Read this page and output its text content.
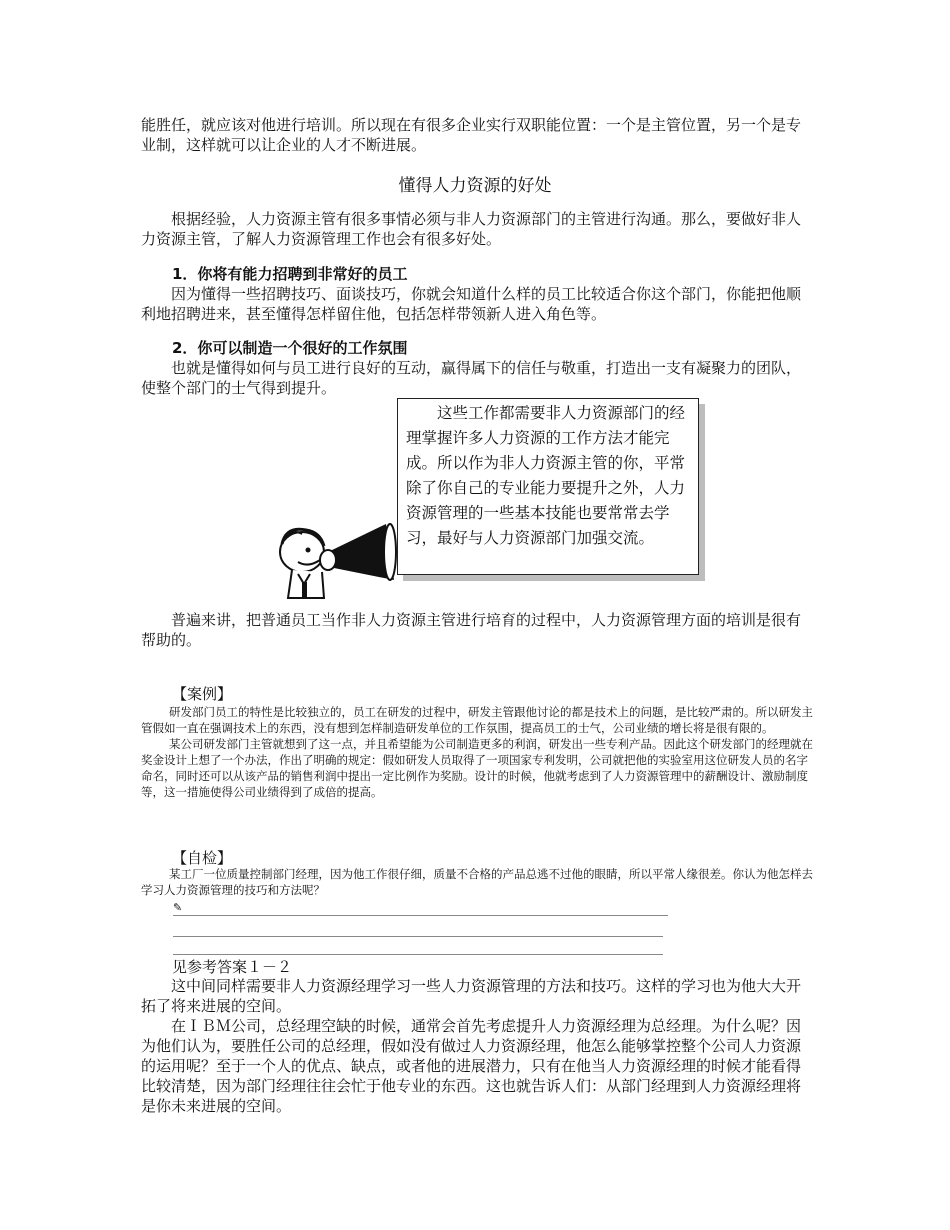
能胜任，就应该对他进行培训。所以现在有很多企业实行双职能位置：一个是主管位置，另一个是专业制，这样就可以让企业的人才不断进展。

懂得人力资源的好处

根据经验，人力资源主管有很多事情必须与非人力资源部门的主管进行沟通。那么，要做好非人力资源主管，了解人力资源管理工作也会有很多好处。

1．你将有能力招聘到非常好的员工

因为懂得一些招聘技巧、面谈技巧，你就会知道什么样的员工比较适合你这个部门，你能把他顺利地招聘进来，甚至懂得怎样留住他，包括怎样带领新人进入角色等。

2．你可以制造一个很好的工作氛围

也就是懂得如何与员工进行良好的互动，赢得属下的信任与敬重，打造出一支有凝聚力的团队，使整个部门的士气得到提升。

这些工作都需要非人力资源部门的经理掌握许多人力资源的工作方法才能完成。所以作为非人力资源主管的你，平常除了你自己的专业能力要提升之外，人力资源管理的一些基本技能也要常常去学习，最好与人力资源部门加强交流。

普遍来讲，把普通员工当作非人力资源主管进行培育的过程中，人力资源管理方面的培训是很有帮助的。

【案例】

研发部门员工的特性是比较独立的，员工在研发的过程中，研发主管跟他讨论的都是技术上的问题，是比较严肃的。所以研发主管假如一直在强调技术上的东西，没有想到怎样制造研发单位的工作氛围，提高员工的士气，公司业绩的增长将是很有限的。

某公司研发部门主管就想到了这一点，并且希望能为公司制造更多的利润，研发出一些专利产品。因此这个研发部门的经理就在奖金设计上想了一个办法，作出了明确的规定：假如研发人员取得了一项国家专利发明，公司就把他的实验室用这位研发人员的名字命名，同时还可以从该产品的销售利润中提出一定比例作为奖励。设计的时候，他就考虑到了人力资源管理中的薪酬设计、激励制度等，这一措施使得公司业绩得到了成倍的提高。

【自检】

某工厂一位质量控制部门经理，因为他工作很仔细，质量不合格的产品总逃不过他的眼睛，所以平常人缘很差。你认为他怎样去学习人力资源管理的技巧和方法呢？

✎

见参考答案１－２

这中间同样需要非人力资源经理学习一些人力资源管理的方法和技巧。这样的学习也为他大大开拓了将来进展的空间。

在ＩＢＭ公司，总经理空缺的时候，通常会首先考虑提升人力资源经理为总经理。为什么呢？因为他们认为，要胜任公司的总经理，假如没有做过人力资源经理，他怎么能够掌控整个公司人力资源的运用呢？至于一个人的优点、缺点，或者他的进展潜力，只有在他当人力资源经理的时候才能看得比较清楚，因为部门经理往往会忙于他专业的东西。这也就告诉人们：从部门经理到人力资源经理将是你未来进展的空间。
